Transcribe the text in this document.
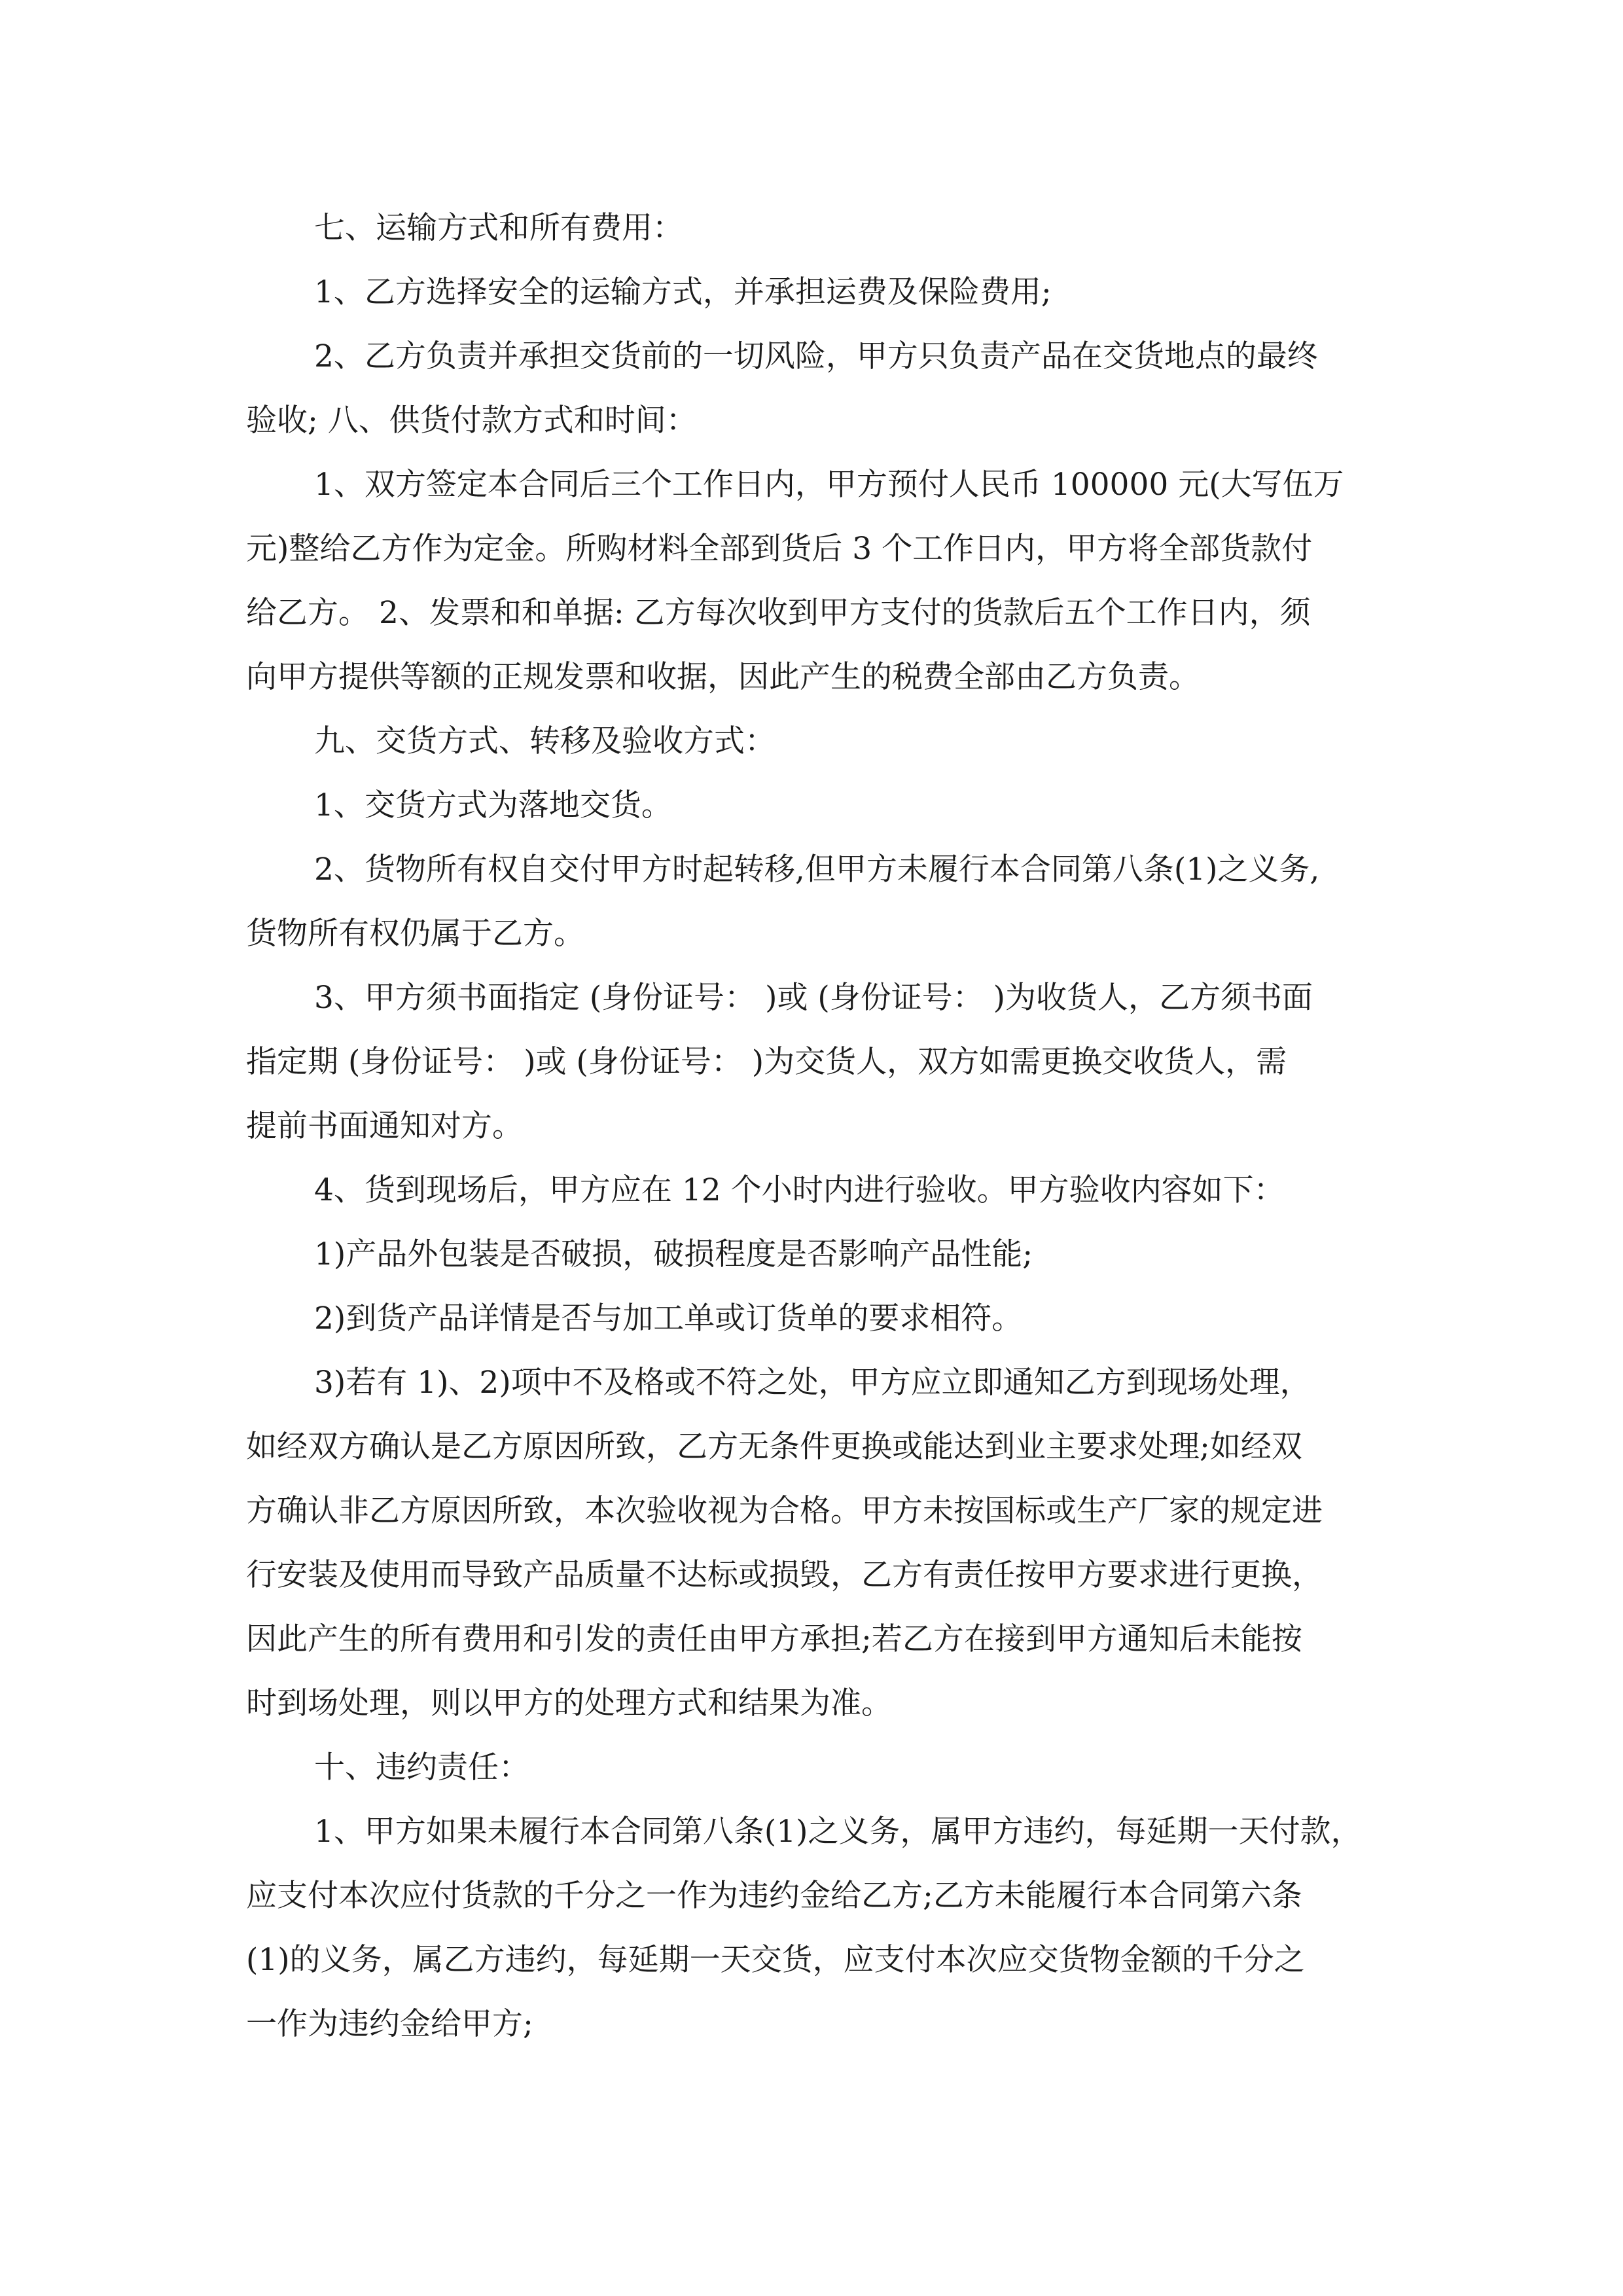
七、运输方式和所有费用：
1、乙方选择安全的运输方式，并承担运费及保险费用;
2、乙方负责并承担交货前的一切风险，甲方只负责产品在交货地点的最终
验收; 八、供货付款方式和时间：
1、双方签定本合同后三个工作日内，甲方预付人民币 100000 元(大写伍万
元)整给乙方作为定金。所购材料全部到货后 3 个工作日内，甲方将全部货款付
给乙方。 2、发票和和单据: 乙方每次收到甲方支付的货款后五个工作日内，须
向甲方提供等额的正规发票和收据，因此产生的税费全部由乙方负责。
九、交货方式、转移及验收方式：
1、交货方式为落地交货。
2、货物所有权自交付甲方时起转移,但甲方未履行本合同第八条(1)之义务,
货物所有权仍属于乙方。
3、甲方须书面指定 (身份证号： )或 (身份证号： )为收货人，乙方须书面
指定期 (身份证号： )或 (身份证号： )为交货人，双方如需更换交收货人，需
提前书面通知对方。
4、货到现场后，甲方应在 12 个小时内进行验收。甲方验收内容如下：
1)产品外包装是否破损，破损程度是否影响产品性能;
2)到货产品详情是否与加工单或订货单的要求相符。
3)若有 1)、2)项中不及格或不符之处，甲方应立即通知乙方到现场处理，
如经双方确认是乙方原因所致，乙方无条件更换或能达到业主要求处理;如经双
方确认非乙方原因所致，本次验收视为合格。甲方未按国标或生产厂家的规定进
行安装及使用而导致产品质量不达标或损毁，乙方有责任按甲方要求进行更换，
因此产生的所有费用和引发的责任由甲方承担;若乙方在接到甲方通知后未能按
时到场处理，则以甲方的处理方式和结果为准。
十、违约责任：
1、甲方如果未履行本合同第八条(1)之义务，属甲方违约，每延期一天付款，
应支付本次应付货款的千分之一作为违约金给乙方;乙方未能履行本合同第六条
(1)的义务，属乙方违约，每延期一天交货，应支付本次应交货物金额的千分之
一作为违约金给甲方;
